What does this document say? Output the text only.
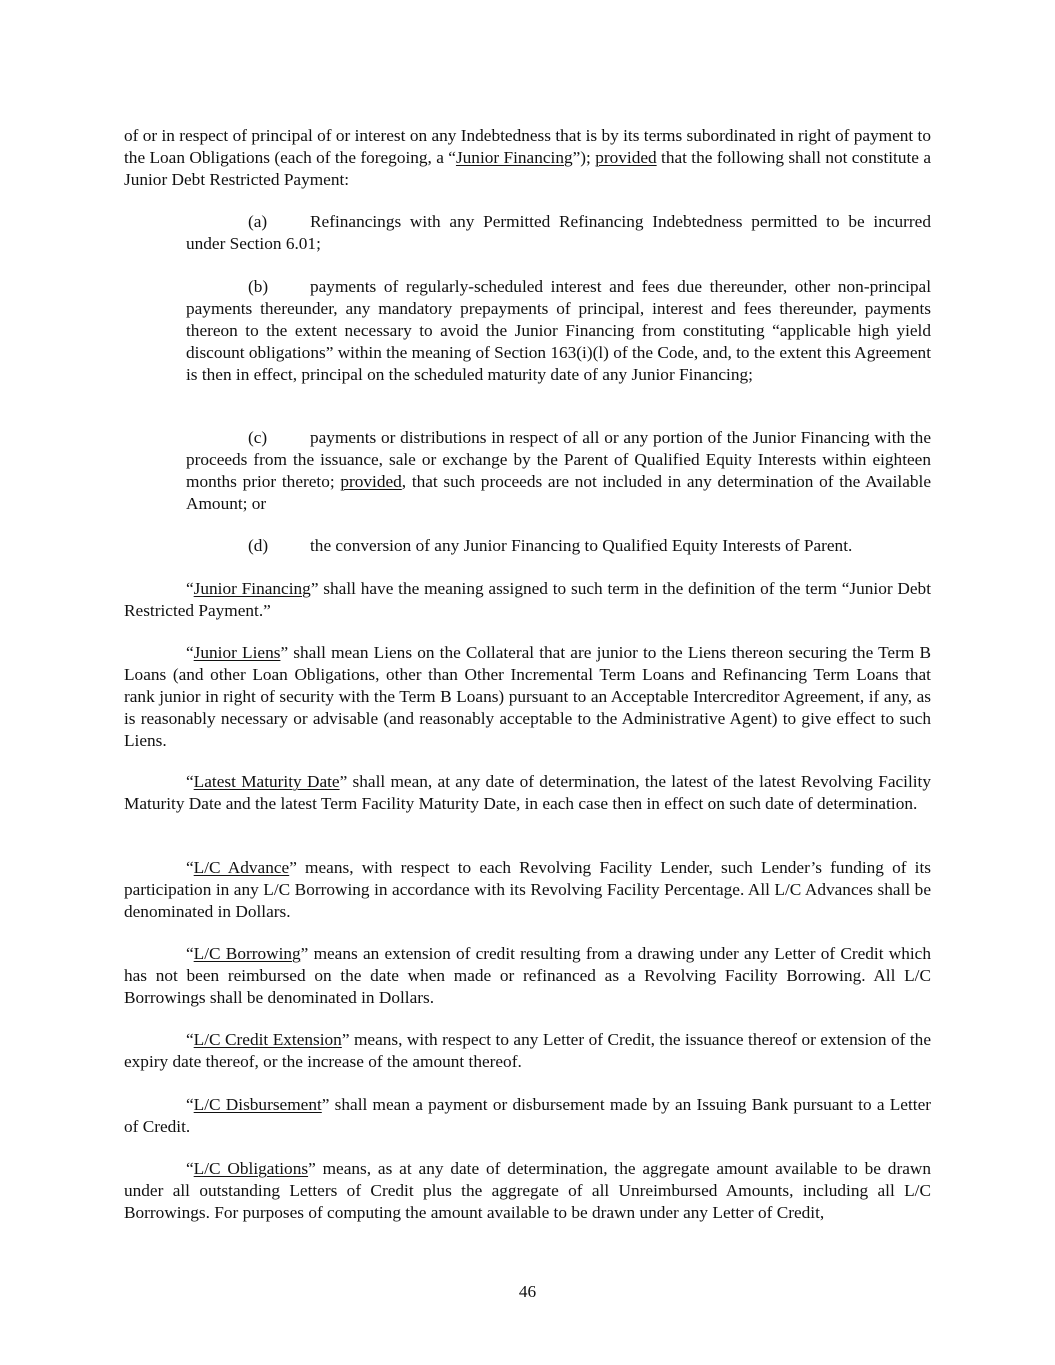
of or in respect of principal of or interest on any Indebtedness that is by its terms subordinated in right of payment to the Loan Obligations (each of the foregoing, a “Junior Financing”); provided that the following shall not constitute a Junior Debt Restricted Payment:

(a) Refinancings with any Permitted Refinancing Indebtedness permitted to be incurred under Section 6.01;

(b) payments of regularly-scheduled interest and fees due thereunder, other non-principal payments thereunder, any mandatory prepayments of principal, interest and fees thereunder, payments thereon to the extent necessary to avoid the Junior Financing from constituting “applicable high yield discount obligations” within the meaning of Section 163(i)(l) of the Code, and, to the extent this Agreement is then in effect, principal on the scheduled maturity date of any Junior Financing;

(c) payments or distributions in respect of all or any portion of the Junior Financing with the proceeds from the issuance, sale or exchange by the Parent of Qualified Equity Interests within eighteen months prior thereto; provided, that such proceeds are not included in any determination of the Available Amount; or

(d) the conversion of any Junior Financing to Qualified Equity Interests of Parent.

“Junior Financing” shall have the meaning assigned to such term in the definition of the term “Junior Debt Restricted Payment.”

“Junior Liens” shall mean Liens on the Collateral that are junior to the Liens thereon securing the Term B Loans (and other Loan Obligations, other than Other Incremental Term Loans and Refinancing Term Loans that rank junior in right of security with the Term B Loans) pursuant to an Acceptable Intercreditor Agreement, if any, as is reasonably necessary or advisable (and reasonably acceptable to the Administrative Agent) to give effect to such Liens.

“Latest Maturity Date” shall mean, at any date of determination, the latest of the latest Revolving Facility Maturity Date and the latest Term Facility Maturity Date, in each case then in effect on such date of determination.

“L/C Advance” means, with respect to each Revolving Facility Lender, such Lender’s funding of its participation in any L/C Borrowing in accordance with its Revolving Facility Percentage. All L/C Advances shall be denominated in Dollars.

“L/C Borrowing” means an extension of credit resulting from a drawing under any Letter of Credit which has not been reimbursed on the date when made or refinanced as a Revolving Facility Borrowing. All L/C Borrowings shall be denominated in Dollars.

“L/C Credit Extension” means, with respect to any Letter of Credit, the issuance thereof or extension of the expiry date thereof, or the increase of the amount thereof.

“L/C Disbursement” shall mean a payment or disbursement made by an Issuing Bank pursuant to a Letter of Credit.

“L/C Obligations” means, as at any date of determination, the aggregate amount available to be drawn under all outstanding Letters of Credit plus the aggregate of all Unreimbursed Amounts, including all L/C Borrowings. For purposes of computing the amount available to be drawn under any Letter of Credit,

46
